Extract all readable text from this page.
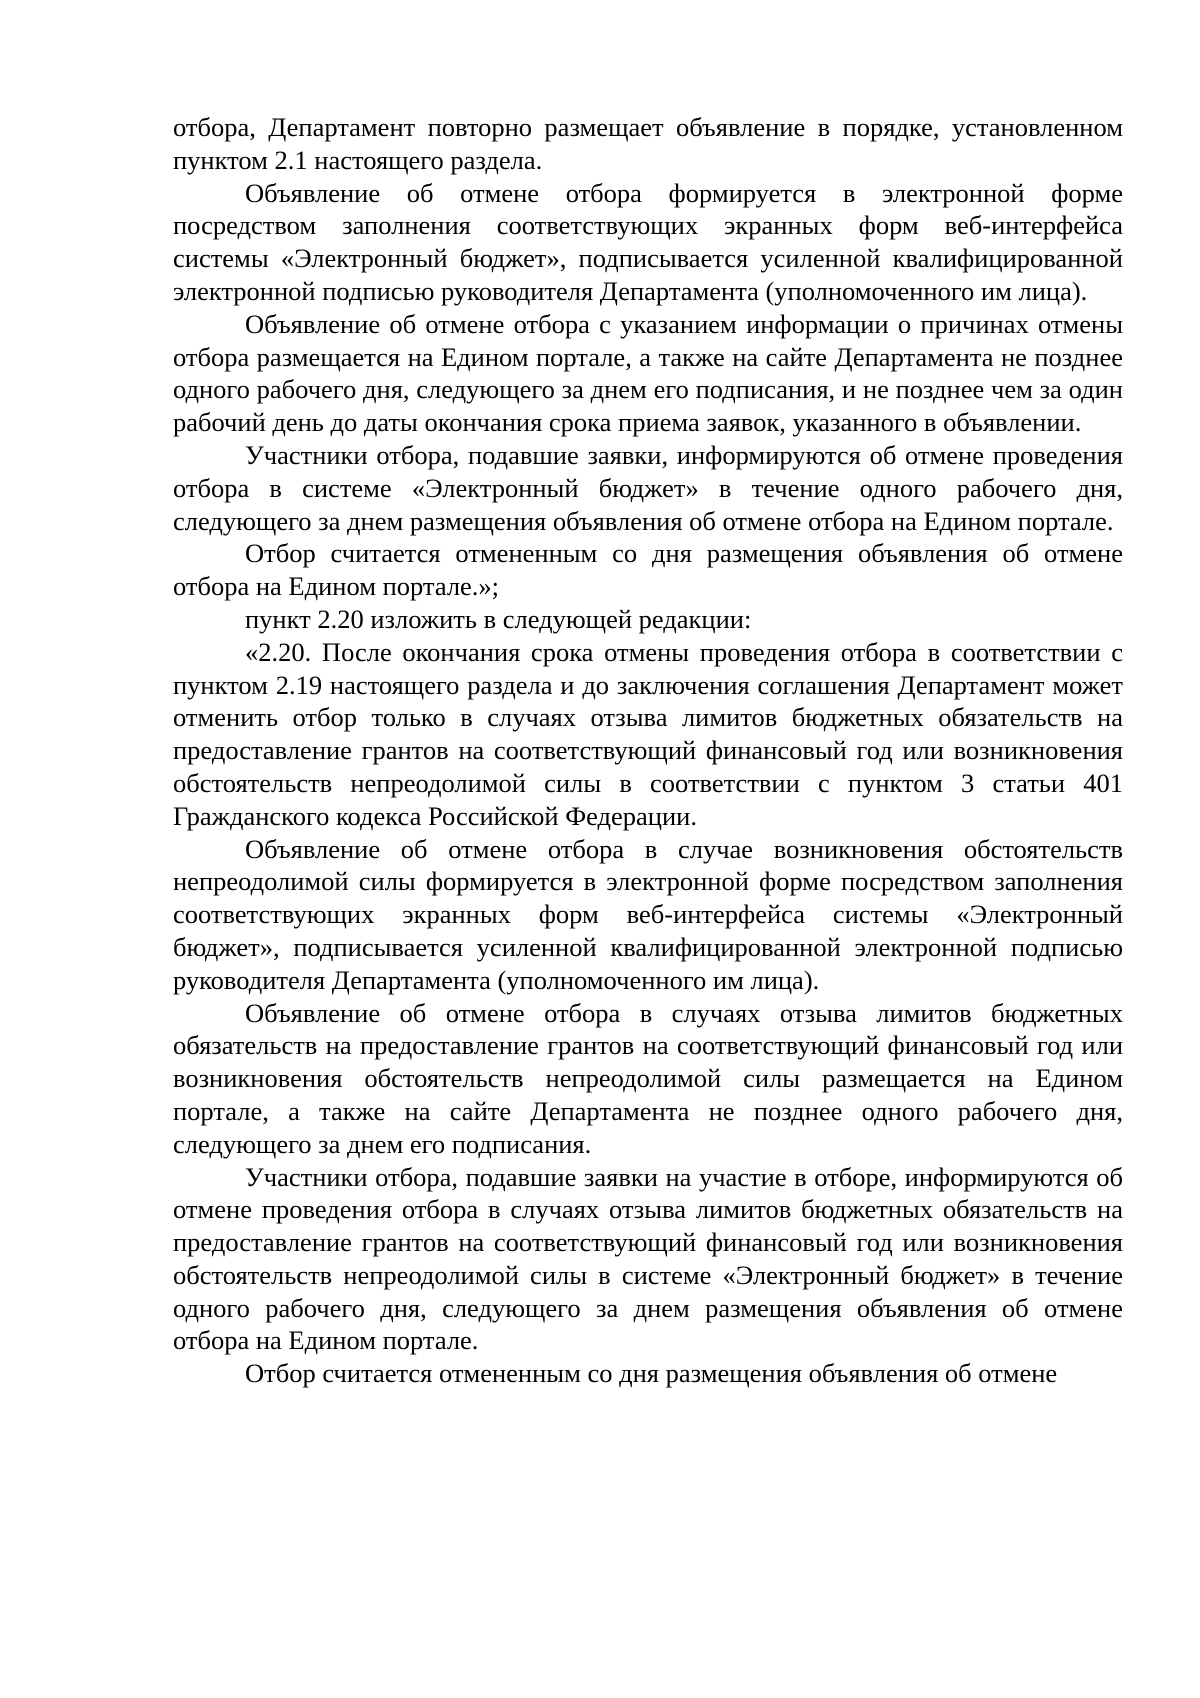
отбора, Департамент повторно размещает объявление в порядке, установленном пунктом 2.1 настоящего раздела.

Объявление об отмене отбора формируется в электронной форме посредством заполнения соответствующих экранных форм веб-интерфейса системы «Электронный бюджет», подписывается усиленной квалифицированной электронной подписью руководителя Департамента (уполномоченного им лица).

Объявление об отмене отбора с указанием информации о причинах отмены отбора размещается на Едином портале, а также на сайте Департамента не позднее одного рабочего дня, следующего за днем его подписания, и не позднее чем за один рабочий день до даты окончания срока приема заявок, указанного в объявлении.

Участники отбора, подавшие заявки, информируются об отмене проведения отбора в системе «Электронный бюджет» в течение одного рабочего дня, следующего за днем размещения объявления об отмене отбора на Едином портале.

Отбор считается отмененным со дня размещения объявления об отмене отбора на Едином портале.»;

пункт 2.20 изложить в следующей редакции:

«2.20. После окончания срока отмены проведения отбора в соответствии с пунктом 2.19 настоящего раздела и до заключения соглашения Департамент может отменить отбор только в случаях отзыва лимитов бюджетных обязательств на предоставление грантов на соответствующий финансовый год или возникновения обстоятельств непреодолимой силы в соответствии с пунктом 3 статьи 401 Гражданского кодекса Российской Федерации.

Объявление об отмене отбора в случае возникновения обстоятельств непреодолимой силы формируется в электронной форме посредством заполнения соответствующих экранных форм веб-интерфейса системы «Электронный бюджет», подписывается усиленной квалифицированной электронной подписью руководителя Департамента (уполномоченного им лица).

Объявление об отмене отбора в случаях отзыва лимитов бюджетных обязательств на предоставление грантов на соответствующий финансовый год или возникновения обстоятельств непреодолимой силы размещается на Едином портале, а также на сайте Департамента не позднее одного рабочего дня, следующего за днем его подписания.

Участники отбора, подавшие заявки на участие в отборе, информируются об отмене проведения отбора в случаях отзыва лимитов бюджетных обязательств на предоставление грантов на соответствующий финансовый год или возникновения обстоятельств непреодолимой силы в системе «Электронный бюджет» в течение одного рабочего дня, следующего за днем размещения объявления об отмене отбора на Едином портале.

Отбор считается отмененным со дня размещения объявления об отмене
